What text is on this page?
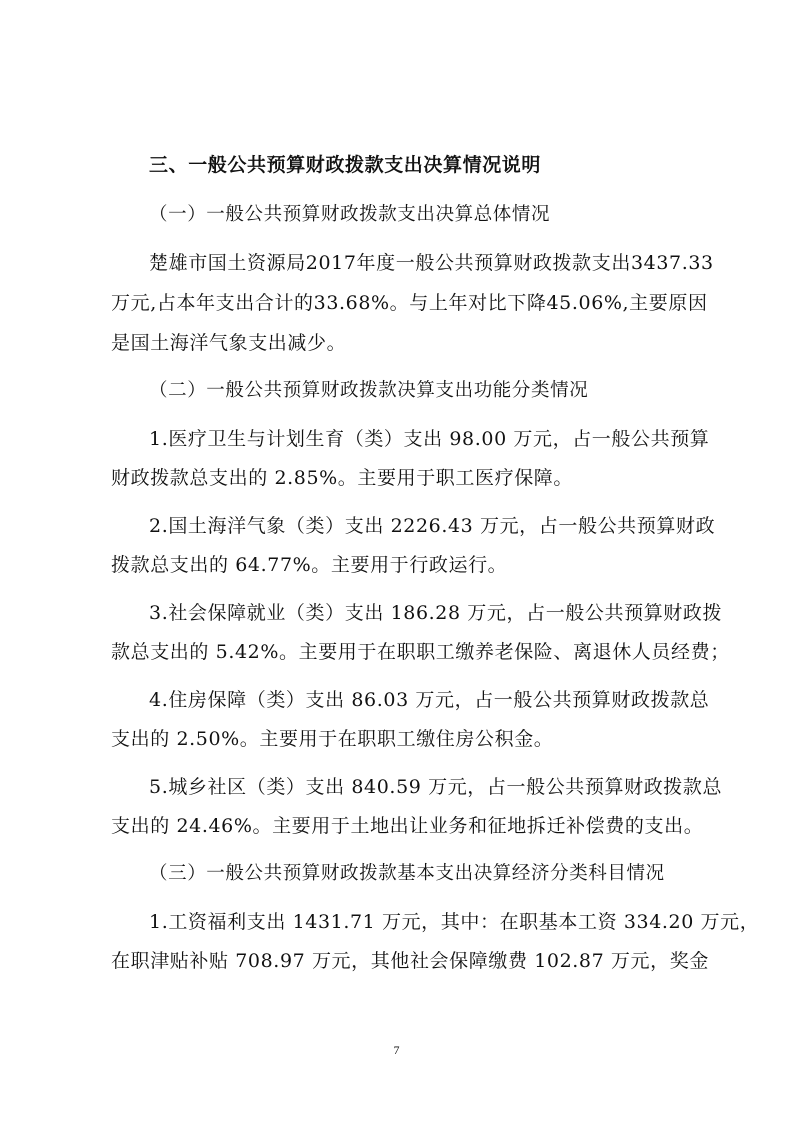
三、一般公共预算财政拨款支出决算情况说明
（一）一般公共预算财政拨款支出决算总体情况
楚雄市国土资源局2017年度一般公共预算财政拨款支出3437.33
万元,占本年支出合计的33.68%。与上年对比下降45.06%,主要原因
是国土海洋气象支出减少。
（二）一般公共预算财政拨款决算支出功能分类情况
1.医疗卫生与计划生育（类）支出 98.00 万元，占一般公共预算
财政拨款总支出的 2.85%。主要用于职工医疗保障。
2.国土海洋气象（类）支出 2226.43 万元，占一般公共预算财政
拨款总支出的 64.77%。主要用于行政运行。
3.社会保障就业（类）支出 186.28 万元，占一般公共预算财政拨
款总支出的 5.42%。主要用于在职职工缴养老保险、离退休人员经费；
4.住房保障（类）支出 86.03 万元，占一般公共预算财政拨款总
支出的 2.50%。主要用于在职职工缴住房公积金。
5.城乡社区（类）支出 840.59 万元，占一般公共预算财政拨款总
支出的 24.46%。主要用于土地出让业务和征地拆迁补偿费的支出。
（三）一般公共预算财政拨款基本支出决算经济分类科目情况
1.工资福利支出 1431.71 万元，其中：在职基本工资 334.20 万元，
在职津贴补贴 708.97 万元，其他社会保障缴费 102.87 万元，奖金
7
